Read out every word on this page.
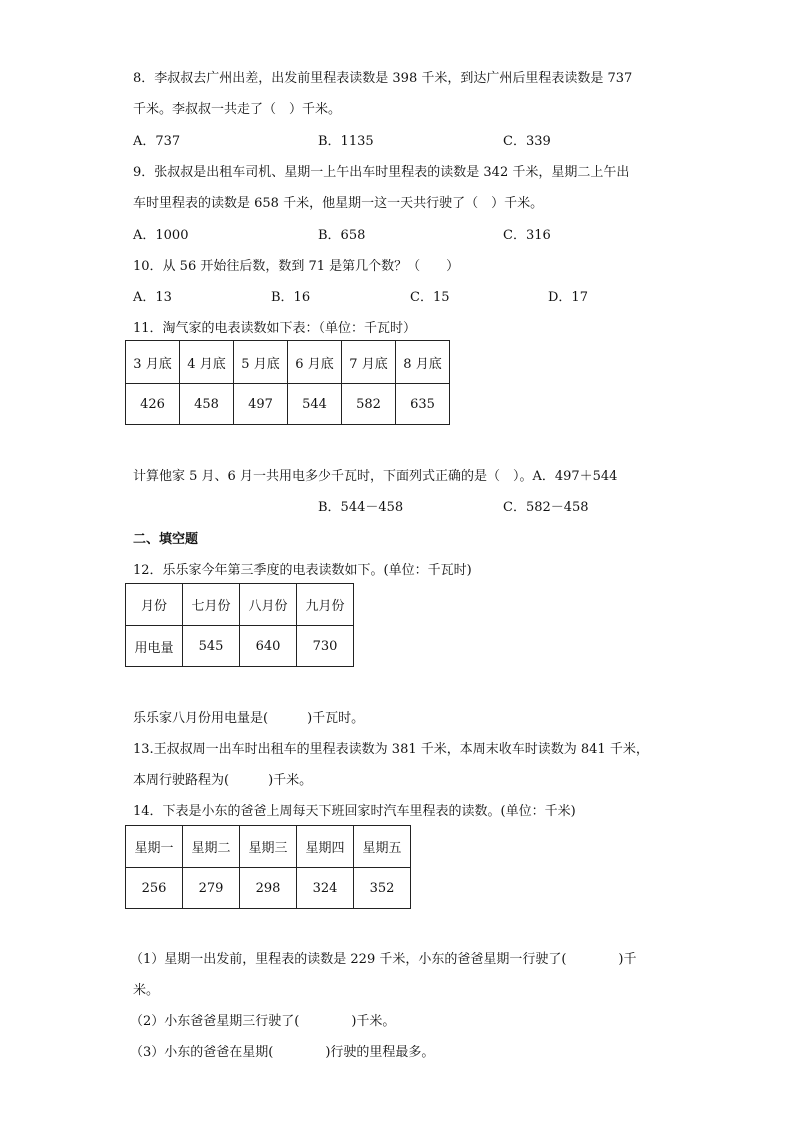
8．李叔叔去广州出差，出发前里程表读数是 398 千米，到达广州后里程表读数是 737
千米。李叔叔一共走了（　）千米。
A．737	B．1135	C．339
9．张叔叔是出租车司机、星期一上午出车时里程表的读数是 342 千米，星期二上午出
车时里程表的读数是 658 千米，他星期一这一天共行驶了（　）千米。
A．1000	B．658	C．316
10．从 56 开始往后数，数到 71 是第几个数？（　　）
A．13	B．16	C．15	D．17
11．淘气家的电表读数如下表：（单位：千瓦时）
3 月底	4 月底	5 月底	6 月底	7 月底	8 月底
426	458	497	544	582	635
计算他家 5 月、6 月一共用电多少千瓦时，下面列式正确的是（　）。A．497＋544
B．544－458	C．582－458
二、填空题
12．乐乐家今年第三季度的电表读数如下。(单位：千瓦时)
月份	七月份	八月份	九月份
用电量	545	640	730
乐乐家八月份用电量是(　　　)千瓦时。
13.王叔叔周一出车时出租车的里程表读数为 381 千米，本周末收车时读数为 841 千米，
本周行驶路程为(　　　)千米。
14．下表是小东的爸爸上周每天下班回家时汽车里程表的读数。(单位：千米)
星期一	星期二	星期三	星期四	星期五
256	279	298	324	352
（1）星期一出发前，里程表的读数是 229 千米，小东的爸爸星期一行驶了(　　　　)千
米。
（2）小东爸爸星期三行驶了(　　　　)千米。
（3）小东的爸爸在星期(　　　　)行驶的里程最多。
